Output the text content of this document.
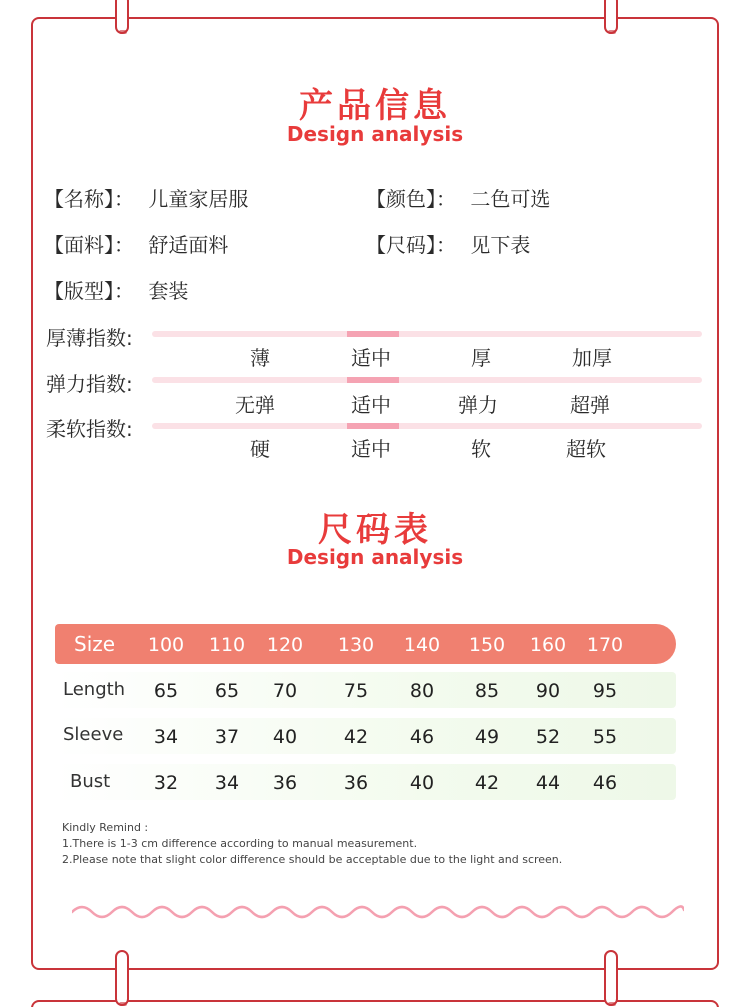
产品信息
Design analysis
【名称】： 儿童家居服	【颜色】： 二色可选
【面料】： 舒适面料	【尺码】： 见下表
【版型】： 套装
厚薄指数:
薄	适中	厚	加厚
弹力指数:
无弹	适中	弹力	超弹
柔软指数:
硬	适中	软	超软
尺码表
Design analysis
Size	100	110	120	130	140	150	160	170
Length	65	65	70	75	80	85	90	95
Sleeve	34	37	40	42	46	49	52	55
Bust	32	34	36	36	40	42	44	46
Kindly Remind :
1.There is 1-3 cm difference according to manual measurement.
2.Please note that slight color difference should be acceptable due to the light and screen.
